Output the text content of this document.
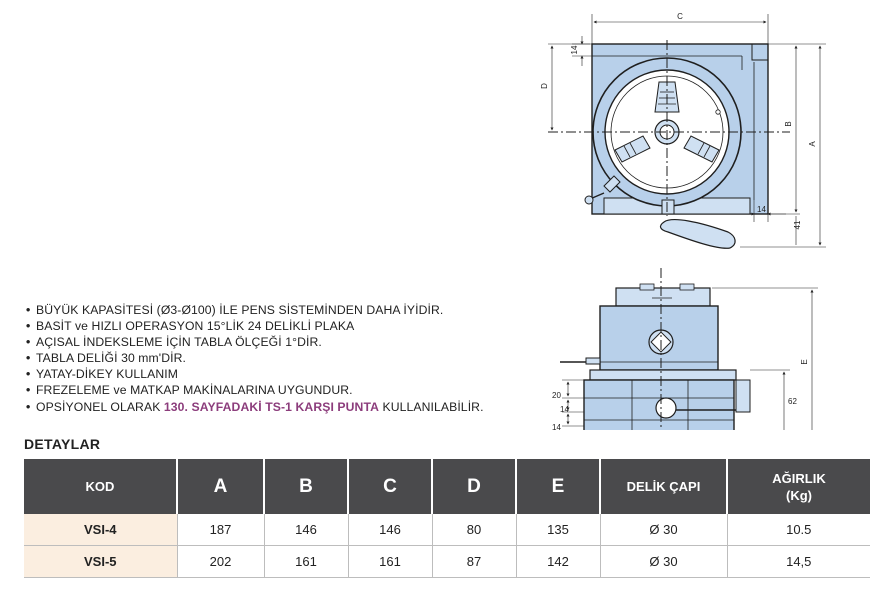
C
14
D
B
A
41
14
E
62
20
14
14
• BÜYÜK KAPASİTESİ (Ø3-Ø100) İLE PENS SİSTEMİNDEN DAHA İYİDİR.
• BASİT ve HIZLI OPERASYON 15°LİK 24 DELİKLİ PLAKA
• AÇISAL İNDEKSLEME İÇİN TABLA ÖLÇEĞİ 1°DİR.
• TABLA DELİĞİ 30 mm'DİR.
• YATAY-DİKEY KULLANIM
• FREZELEME ve MATKAP MAKİNALARINA UYGUNDUR.
• OPSİYONEL OLARAK 130. SAYFADAKİ TS-1 KARŞI PUNTA KULLANILABİLİR.
DETAYLAR
KOD	A	B	C	D	E	DELİK ÇAPI	AĞIRLIK
(Kg)
VSI-4	187	146	146	80	135	Ø 30	10.5
VSI-5	202	161	161	87	142	Ø 30	14,5
